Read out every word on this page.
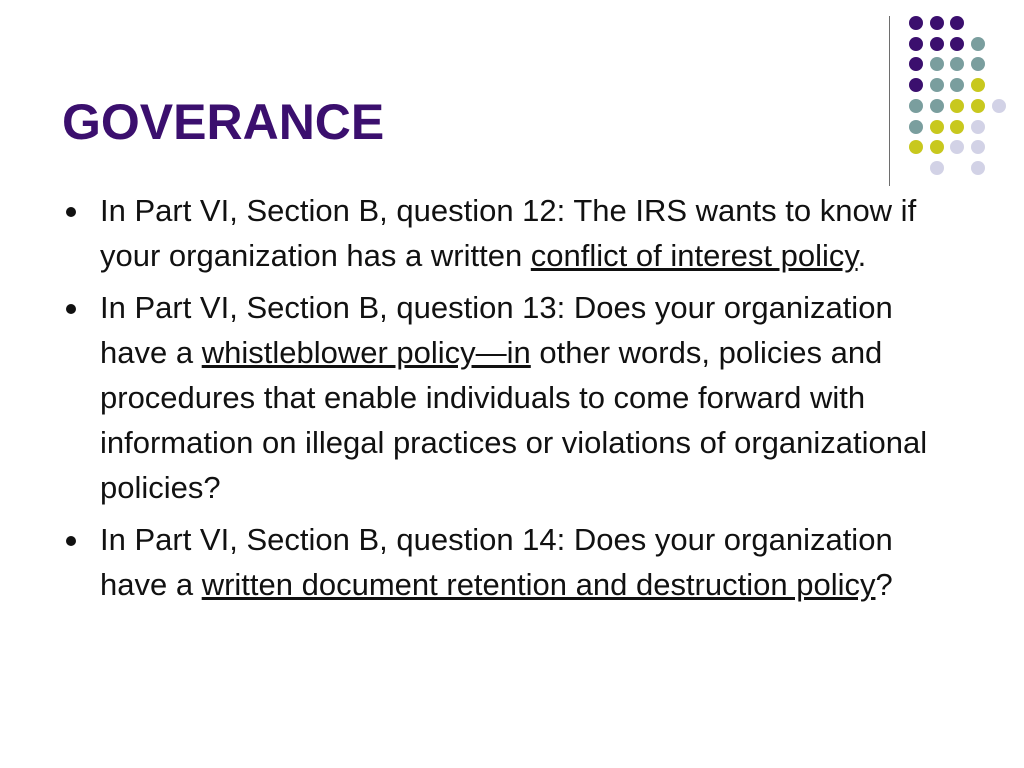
GOVERANCE
In Part VI, Section B, question 12: The IRS wants to know if your organization has a written conflict of interest policy.
In Part VI, Section B, question 13: Does your organization have a whistleblower policy—in other words, policies and procedures that enable individuals to come forward with information on illegal practices or violations of organizational policies?
In Part VI, Section B, question 14: Does your organization have a written document retention and destruction policy?
